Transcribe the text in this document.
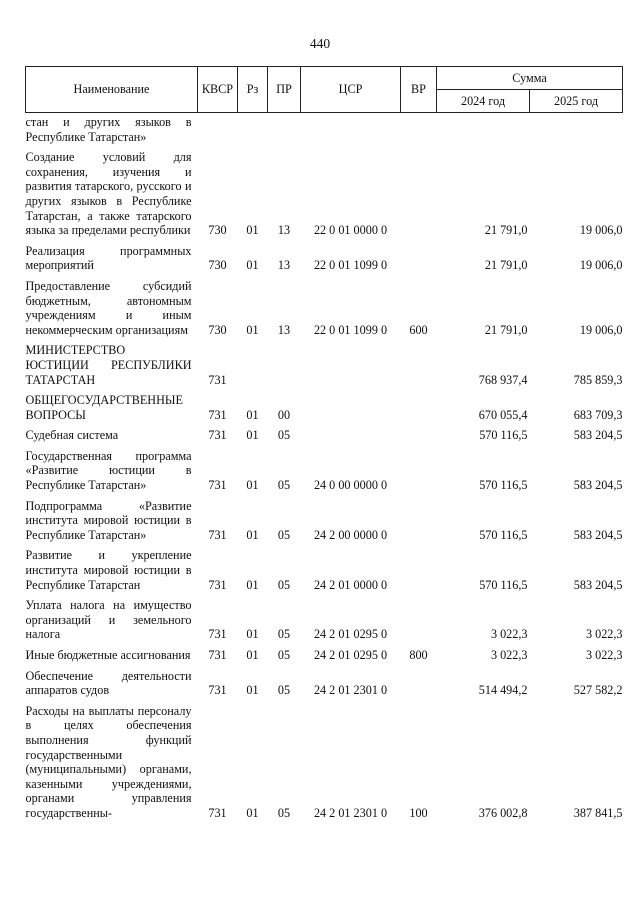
440
Наименование	КВСР	Рз	ПР	ЦСР	ВР	Сумма	
						2024 год	2025 год
стан и других языков в Республике Татарстан»							
Создание условий для сохранения, изучения и развития татарского, русского и других языков в Республике Татарстан, а также татарского языка за пределами республики	730	01	13	22 0 01 0000 0		21 791,0	19 006,0
Реализация программных мероприятий	730	01	13	22 0 01 1099 0		21 791,0	19 006,0
Предоставление субсидий бюджетным, автономным учреждениям и иным некоммерческим организациям	730	01	13	22 0 01 1099 0	600	21 791,0	19 006,0
МИНИСТЕРСТВО ЮСТИЦИИ РЕСПУБЛИКИ ТАТАРСТАН	731					768 937,4	785 859,3
ОБЩЕГОСУДАРСТВЕННЫЕ ВОПРОСЫ	731	01	00			670 055,4	683 709,3
Судебная система	731	01	05			570 116,5	583 204,5
Государственная программа «Развитие юстиции в Республике Татарстан»	731	01	05	24 0 00 0000 0		570 116,5	583 204,5
Подпрограмма «Развитие института мировой юстиции в Республике Татарстан»	731	01	05	24 2 00 0000 0		570 116,5	583 204,5
Развитие и укрепление института мировой юстиции в Республике Татарстан	731	01	05	24 2 01 0000 0		570 116,5	583 204,5
Уплата налога на имущество организаций и земельного налога	731	01	05	24 2 01 0295 0		3 022,3	3 022,3
Иные бюджетные ассигнования	731	01	05	24 2 01 0295 0	800	3 022,3	3 022,3
Обеспечение деятельности аппаратов судов	731	01	05	24 2 01 2301 0		514 494,2	527 582,2
Расходы на выплаты персоналу в целях обеспечения выполнения функций государственными (муниципальными) органами, казенными учреждениями, органами управления государственны-	731	01	05	24 2 01 2301 0	100	376 002,8	387 841,5
